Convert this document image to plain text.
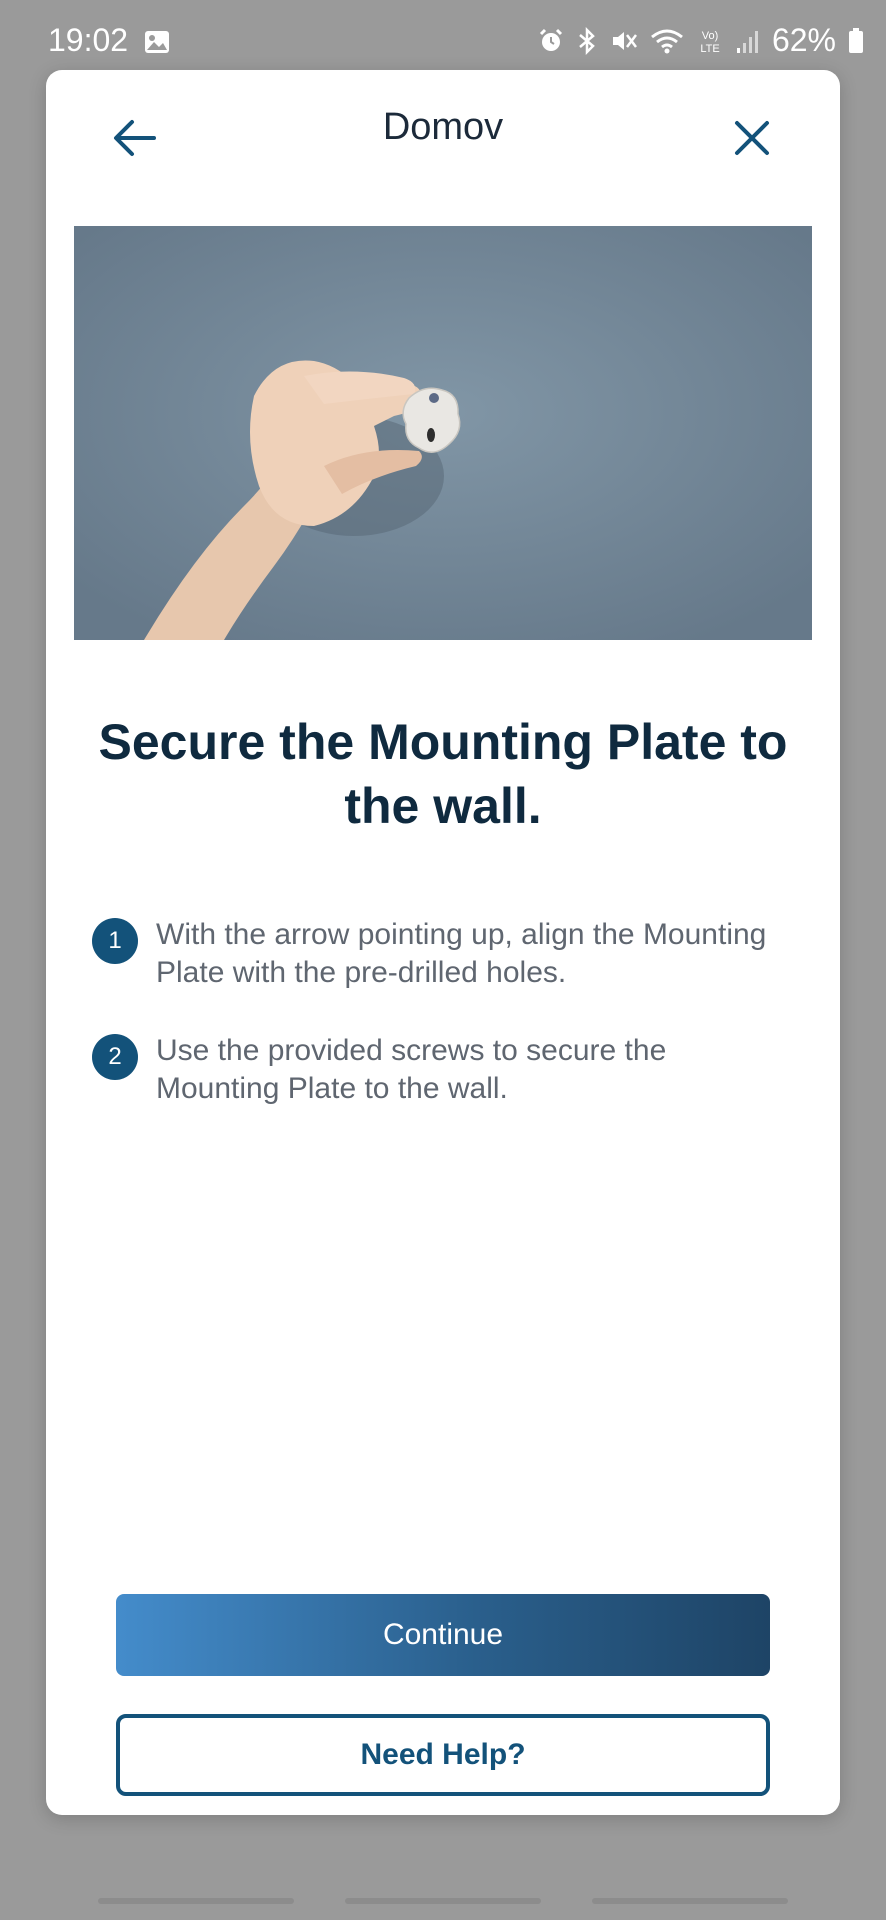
19:02	Vo)
LTE 62%
Domov
Secure the Mounting Plate to the wall.
1	With the arrow pointing up, align the Mounting Plate with the pre-drilled holes.
2	Use the provided screws to secure the Mounting Plate to the wall.
Continue
Need Help?
